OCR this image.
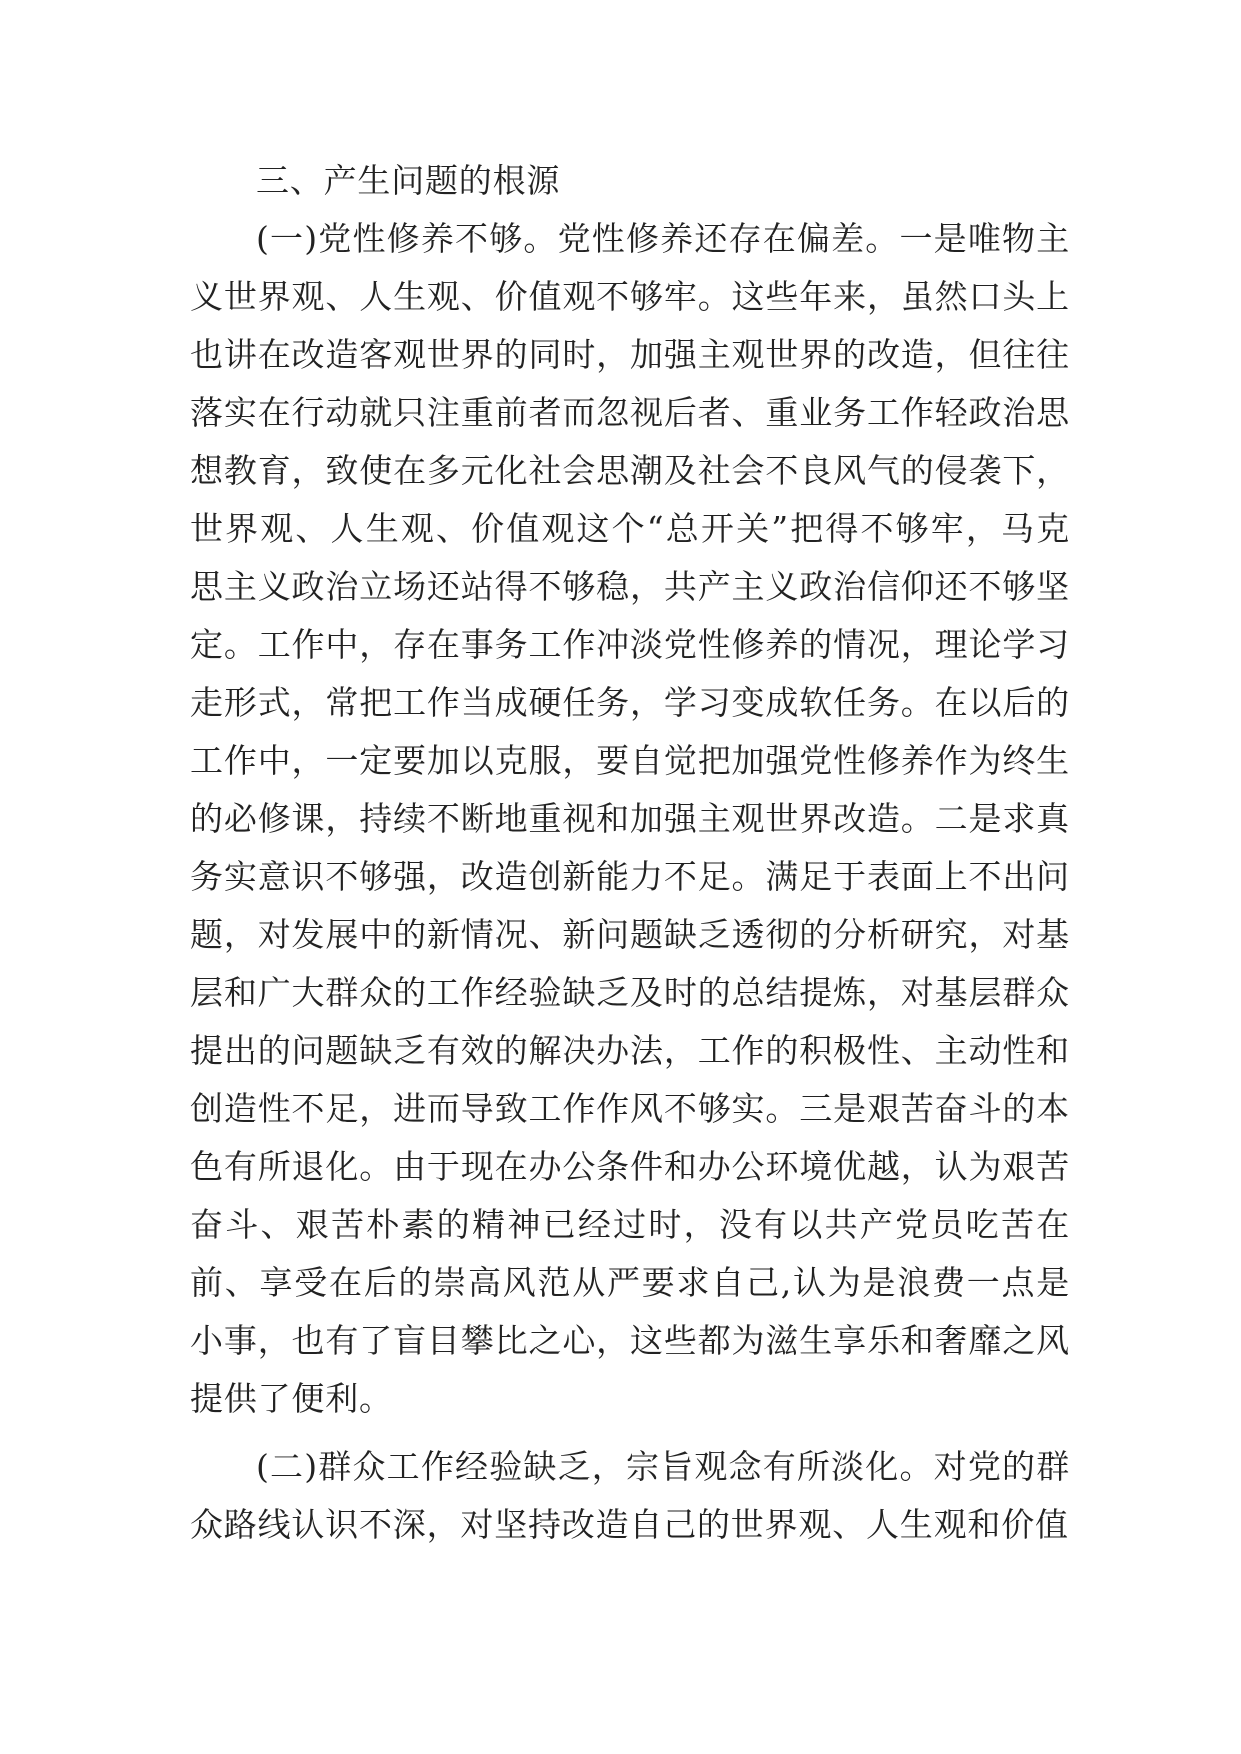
三、产生问题的根源

(一)党性修养不够。党性修养还存在偏差。一是唯物主义世界观、人生观、价值观不够牢。这些年来，虽然口头上也讲在改造客观世界的同时，加强主观世界的改造，但往往落实在行动就只注重前者而忽视后者、重业务工作轻政治思想教育，致使在多元化社会思潮及社会不良风气的侵袭下，世界观、人生观、价值观这个“总开关”把得不够牢，马克思主义政治立场还站得不够稳，共产主义政治信仰还不够坚定。工作中，存在事务工作冲淡党性修养的情况，理论学习走形式，常把工作当成硬任务，学习变成软任务。在以后的工作中，一定要加以克服，要自觉把加强党性修养作为终生的必修课，持续不断地重视和加强主观世界改造。二是求真务实意识不够强，改造创新能力不足。满足于表面上不出问题，对发展中的新情况、新问题缺乏透彻的分析研究，对基层和广大群众的工作经验缺乏及时的总结提炼，对基层群众提出的问题缺乏有效的解决办法，工作的积极性、主动性和创造性不足，进而导致工作作风不够实。三是艰苦奋斗的本色有所退化。由于现在办公条件和办公环境优越，认为艰苦奋斗、艰苦朴素的精神已经过时，没有以共产党员吃苦在前、享受在后的崇高风范从严要求自己,认为是浪费一点是小事，也有了盲目攀比之心，这些都为滋生享乐和奢靡之风提供了便利。

(二)群众工作经验缺乏，宗旨观念有所淡化。对党的群众路线认识不深，对坚持改造自己的世界观、人生观和价值
